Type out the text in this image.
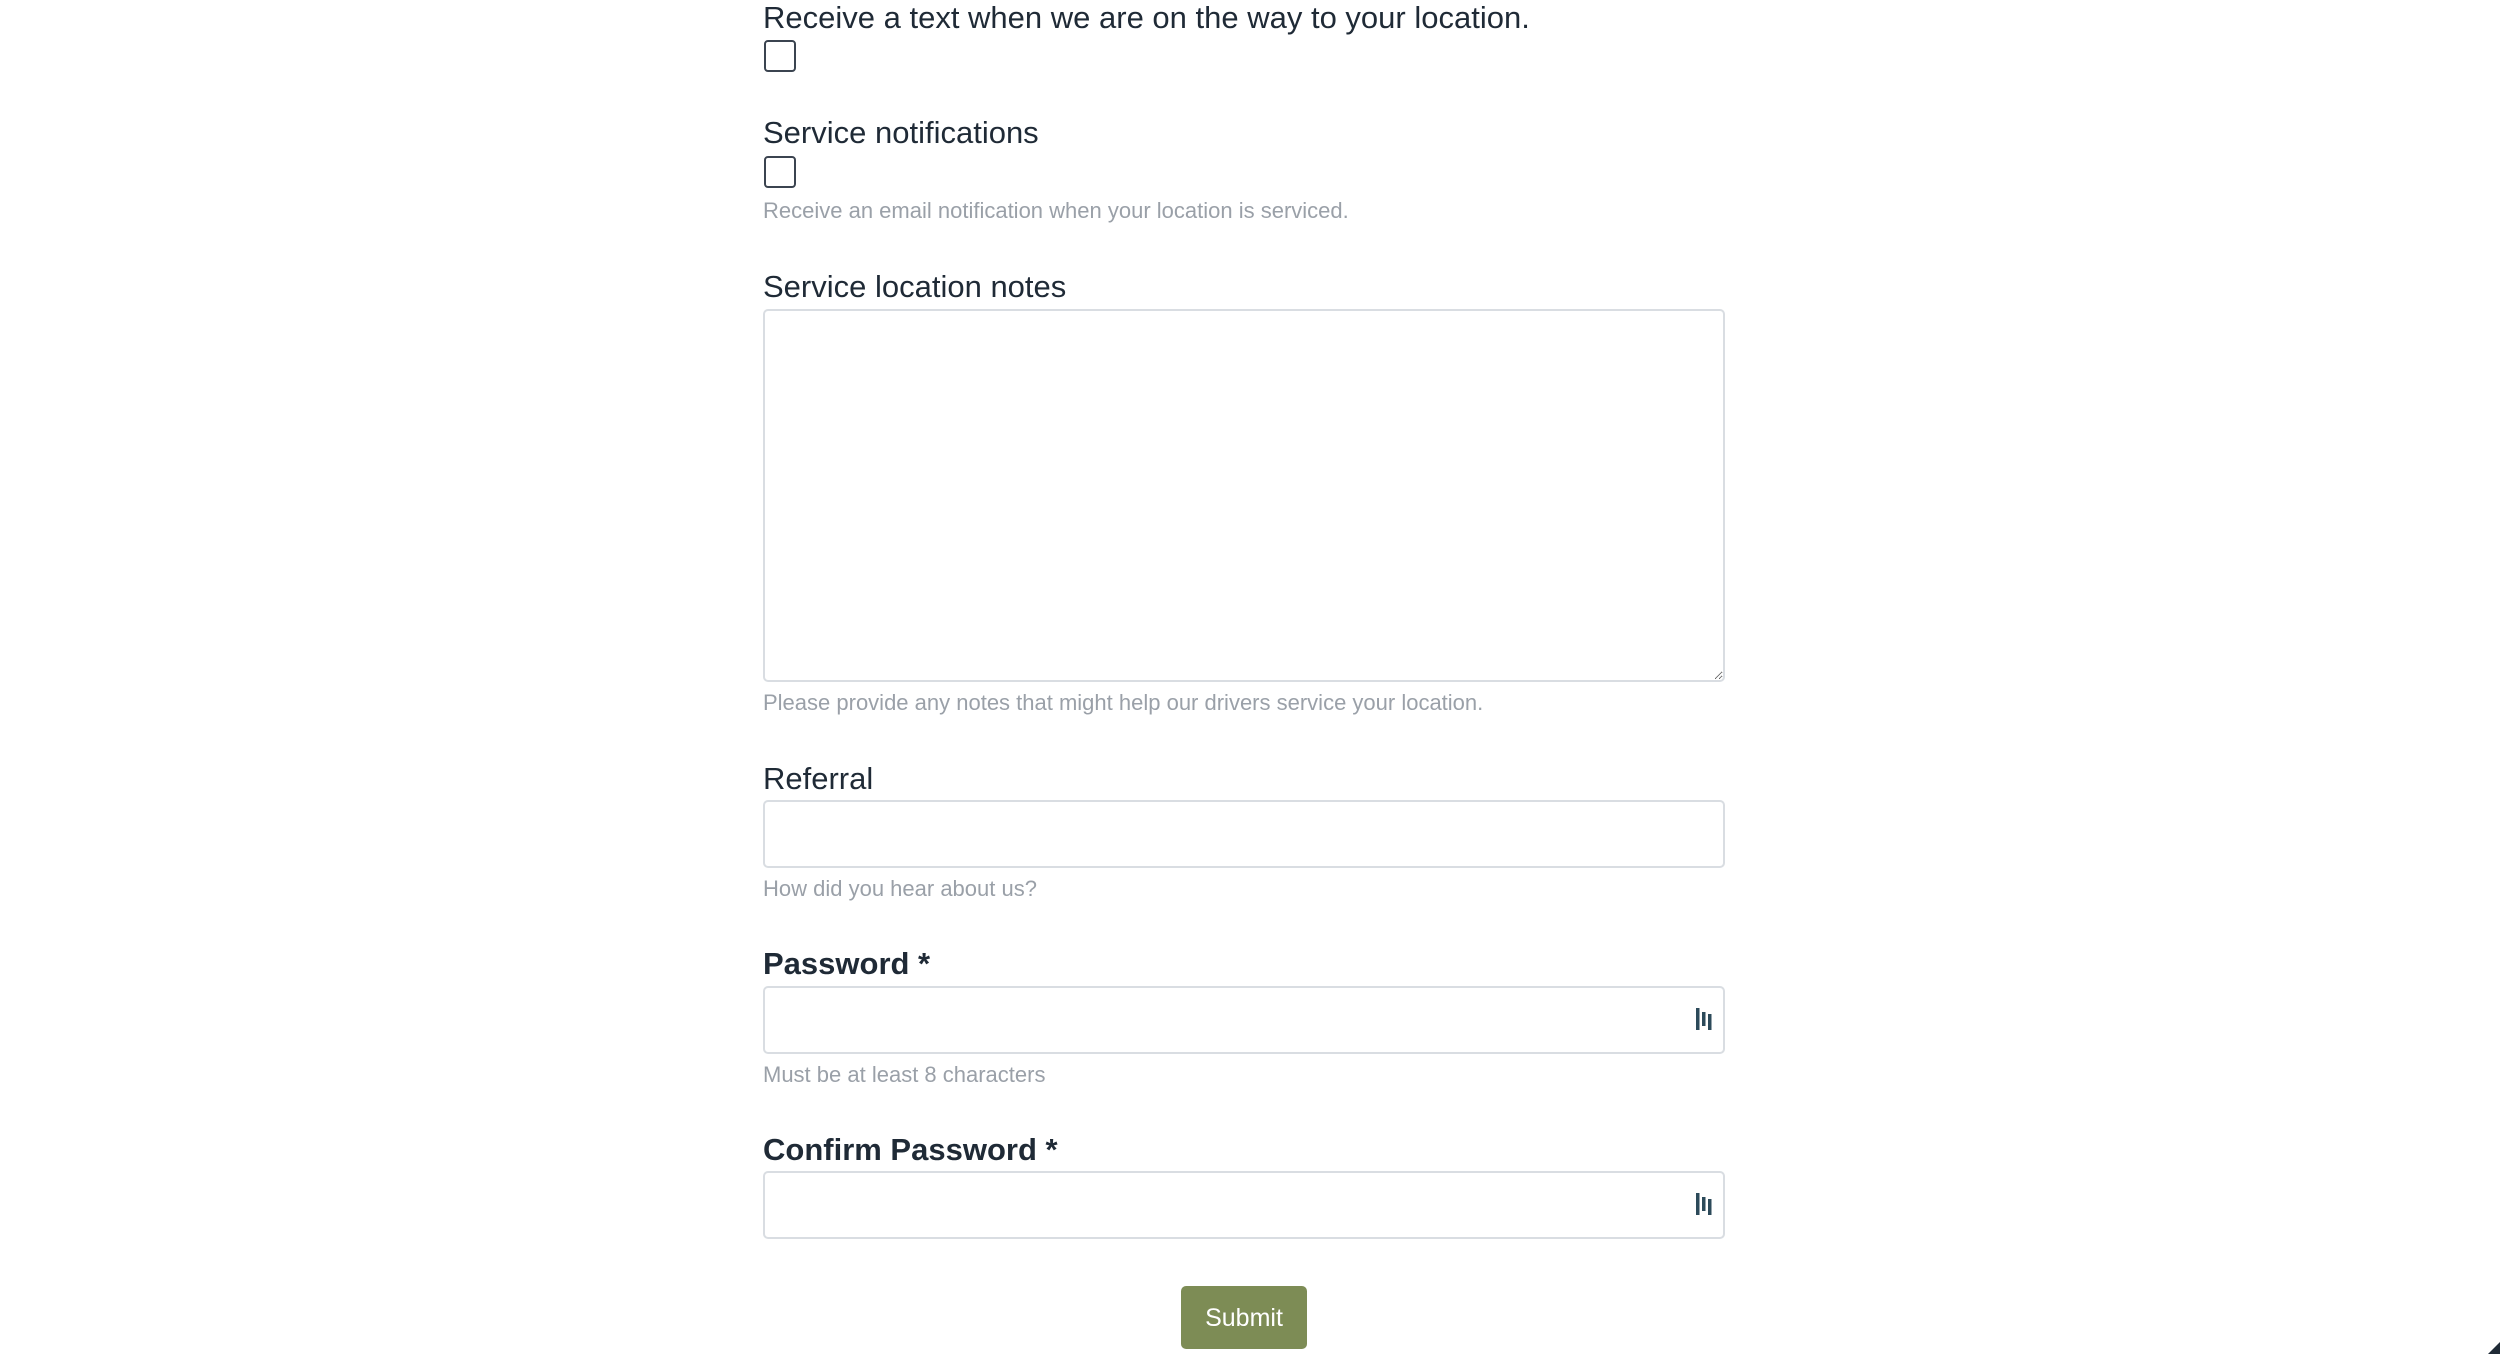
Receive a text when we are on the way to your location.
Service notifications
Receive an email notification when your location is serviced.
Service location notes
Please provide any notes that might help our drivers service your location.
Referral
How did you hear about us?
Password *
Must be at least 8 characters
Confirm Password *
Submit
